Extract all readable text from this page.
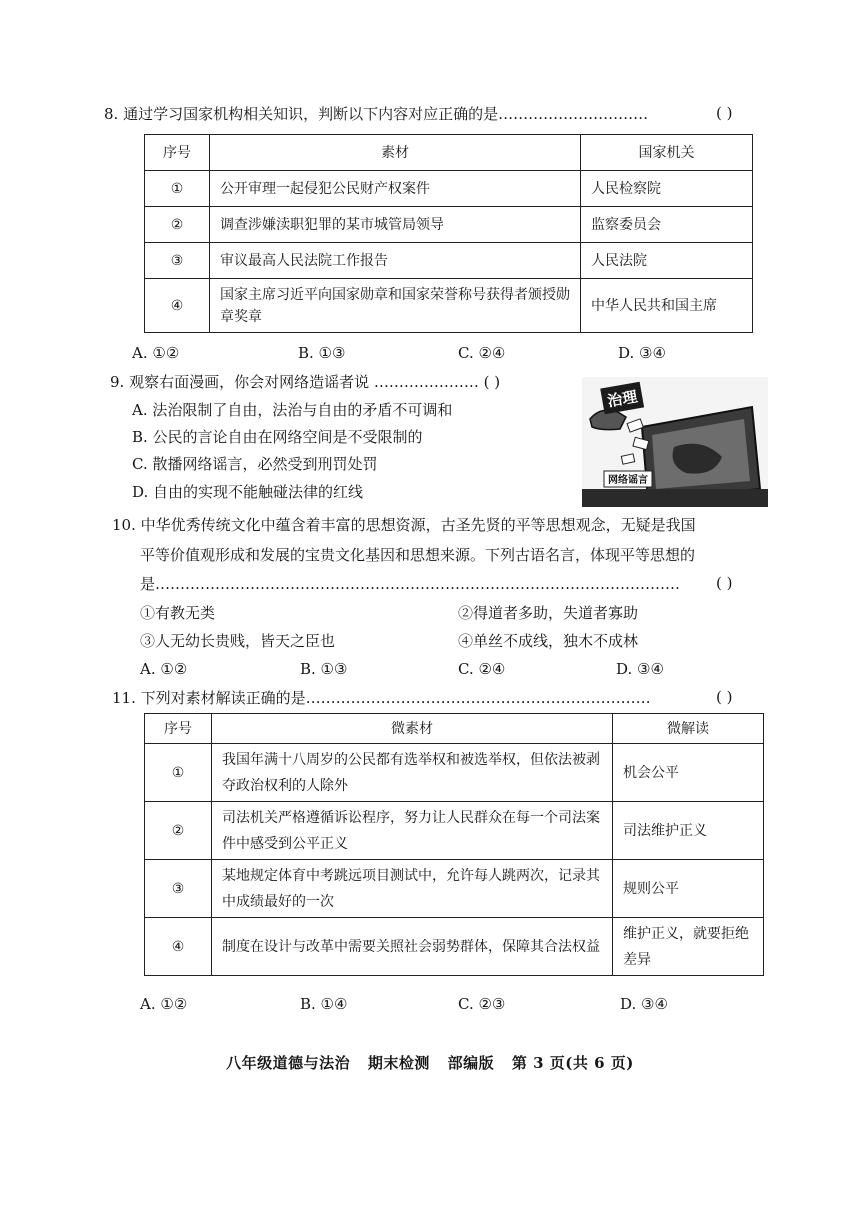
8. 通过学习国家机构相关知识，判断以下内容对应正确的是…………………………	( )
序号	素材	国家机关
①	公开审理一起侵犯公民财产权案件	人民检察院
②	调查涉嫌渎职犯罪的某市城管局领导	监察委员会
③	审议最高人民法院工作报告	人民法院
④	国家主席习近平向国家勋章和国家荣誉称号获得者颁授勋章奖章	中华人民共和国主席
A. ①②	B. ①③	C. ②④	D. ③④
9. 观察右面漫画，你会对网络造谣者说 ………………… ( )
A. 法治限制了自由，法治与自由的矛盾不可调和
B. 公民的言论自由在网络空间是不受限制的
C. 散播网络谣言，必然受到刑罚处罚
D. 自由的实现不能触碰法律的红线
治理
网络谣言
10. 中华优秀传统文化中蕴含着丰富的思想资源，古圣先贤的平等思想观念，无疑是我国
平等价值观形成和发展的宝贵文化基因和思想来源。下列古语名言，体现平等思想的
是…………………………………………………………………………………………… ( )
①有教无类	②得道者多助，失道者寡助
③人无幼长贵贱，皆天之臣也	④单丝不成线，独木不成林
A. ①②	B. ①③	C. ②④	D. ③④
11. 下列对素材解读正确的是……………………………………………………………	( )
序号	微素材	微解读
①	我国年满十八周岁的公民都有选举权和被选举权，但依法被剥夺政治权利的人除外	机会公平
②	司法机关严格遵循诉讼程序，努力让人民群众在每一个司法案件中感受到公平正义	司法维护正义
③	某地规定体育中考跳远项目测试中，允许每人跳两次，记录其中成绩最好的一次	规则公平
④	制度在设计与改革中需要关照社会弱势群体，保障其合法权益	维护正义，就要拒绝差异
A. ①②	B. ①④	C. ②③	D. ③④
八年级道德与法治 期末检测 部编版 第 3 页(共 6 页)
